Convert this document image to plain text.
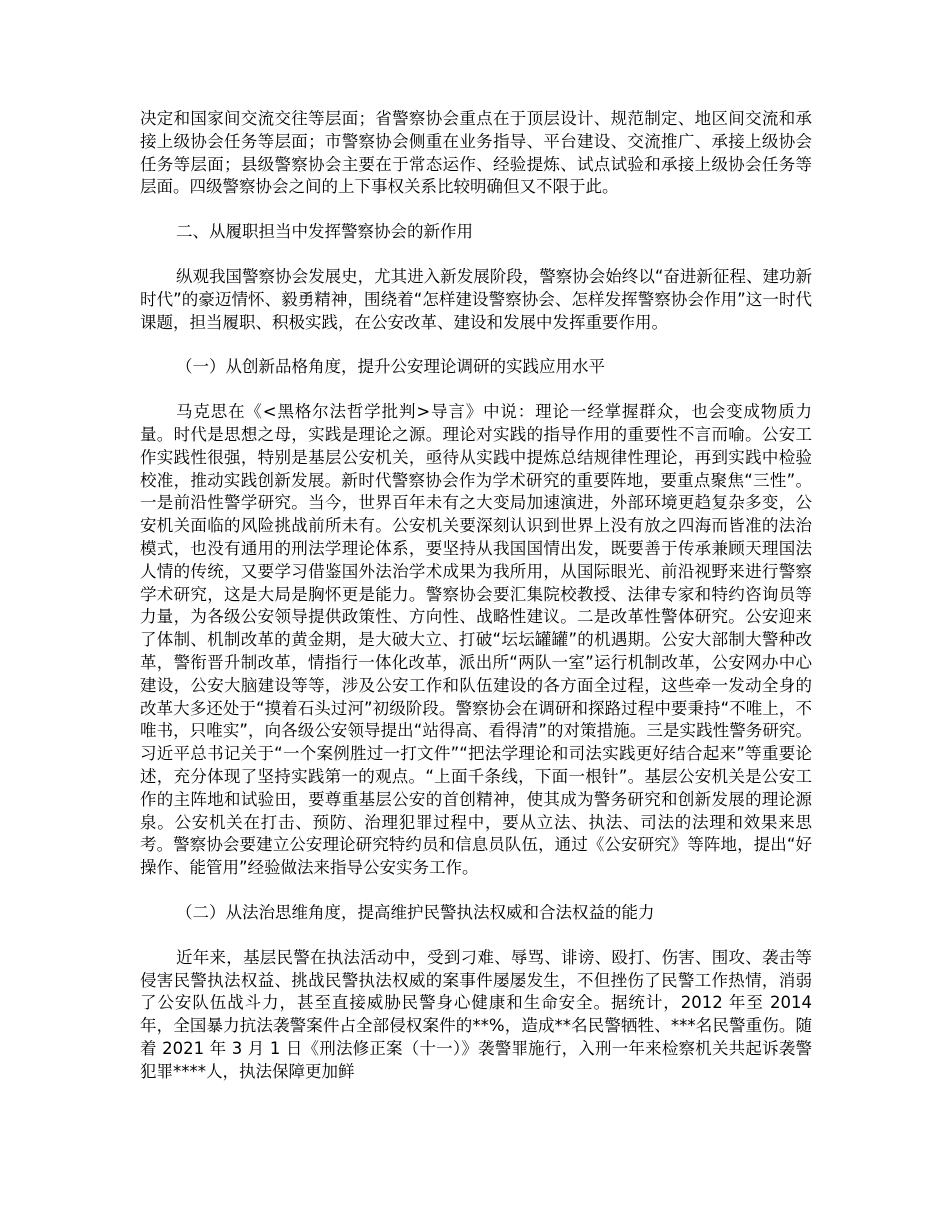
决定和国家间交流交往等层面；省警察协会重点在于顶层设计、规范制定、地区间交流和承接上级协会任务等层面；市警察协会侧重在业务指导、平台建设、交流推广、承接上级协会任务等层面；县级警察协会主要在于常态运作、经验提炼、试点试验和承接上级协会任务等层面。四级警察协会之间的上下事权关系比较明确但又不限于此。

二、从履职担当中发挥警察协会的新作用

纵观我国警察协会发展史，尤其进入新发展阶段，警察协会始终以“奋进新征程、建功新时代”的豪迈情怀、毅勇精神，围绕着“怎样建设警察协会、怎样发挥警察协会作用”这一时代课题，担当履职、积极实践，在公安改革、建设和发展中发挥重要作用。

（一）从创新品格角度，提升公安理论调研的实践应用水平

马克思在《<黑格尔法哲学批判>导言》中说：理论一经掌握群众，也会变成物质力量。时代是思想之母，实践是理论之源。理论对实践的指导作用的重要性不言而喻。公安工作实践性很强，特别是基层公安机关，亟待从实践中提炼总结规律性理论，再到实践中检验校准，推动实践创新发展。新时代警察协会作为学术研究的重要阵地，要重点聚焦“三性”。一是前沿性警学研究。当今，世界百年未有之大变局加速演进，外部环境更趋复杂多变，公安机关面临的风险挑战前所未有。公安机关要深刻认识到世界上没有放之四海而皆准的法治模式，也没有通用的刑法学理论体系，要坚持从我国国情出发，既要善于传承兼顾天理国法人情的传统，又要学习借鉴国外法治学术成果为我所用，从国际眼光、前沿视野来进行警察学术研究，这是大局是胸怀更是能力。警察协会要汇集院校教授、法律专家和特约咨询员等力量，为各级公安领导提供政策性、方向性、战略性建议。二是改革性警体研究。公安迎来了体制、机制改革的黄金期，是大破大立、打破“坛坛罐罐”的机遇期。公安大部制大警种改革，警衔晋升制改革，情指行一体化改革，派出所“两队一室”运行机制改革，公安网办中心建设，公安大脑建设等等，涉及公安工作和队伍建设的各方面全过程，这些牵一发动全身的改革大多还处于“摸着石头过河”初级阶段。警察协会在调研和探路过程中要秉持“不唯上，不唯书，只唯实”，向各级公安领导提出“站得高、看得清”的对策措施。三是实践性警务研究。习近平总书记关于“一个案例胜过一打文件”“把法学理论和司法实践更好结合起来”等重要论述，充分体现了坚持实践第一的观点。“上面千条线，下面一根针”。基层公安机关是公安工作的主阵地和试验田，要尊重基层公安的首创精神，使其成为警务研究和创新发展的理论源泉。公安机关在打击、预防、治理犯罪过程中，要从立法、执法、司法的法理和效果来思考。警察协会要建立公安理论研究特约员和信息员队伍，通过《公安研究》等阵地，提出“好操作、能管用”经验做法来指导公安实务工作。

（二）从法治思维角度，提高维护民警执法权威和合法权益的能力

近年来，基层民警在执法活动中，受到刁难、辱骂、诽谤、殴打、伤害、围攻、袭击等侵害民警执法权益、挑战民警执法权威的案事件屡屡发生，不但挫伤了民警工作热情，消弱了公安队伍战斗力，甚至直接威胁民警身心健康和生命安全。据统计，2012 年至 2014 年，全国暴力抗法袭警案件占全部侵权案件的**%，造成**名民警牺牲、***名民警重伤。随着 2021 年 3 月 1 日《刑法修正案（十一）》袭警罪施行，入刑一年来检察机关共起诉袭警犯罪****人，执法保障更加鲜
